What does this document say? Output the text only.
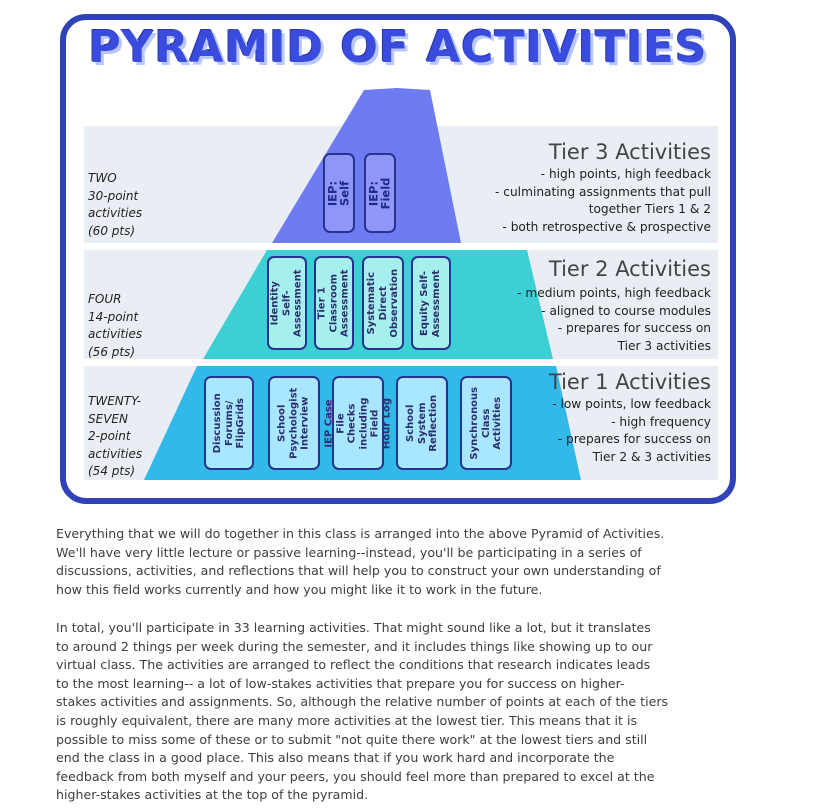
PYRAMID OF ACTIVITIES
TWO
30-point
activities
(60 pts)
Tier 3 Activities
- high points, high feedback
- culminating assignments that pull
together Tiers 1 & 2
- both retrospective & prospective
IEP: Self IEP: Field
FOUR
14-point
activities
(56 pts)
Tier 2 Activities
- medium points, high feedback
- aligned to course modules
- prepares for success on
Tier 3 activities
Identity Self-Assessment Tier 1 Classroom Assessment Systematic Direct Observation Equity Self-Assessment
TWENTY-
SEVEN
2-point
activities
(54 pts)
Tier 1 Activities
- low points, low feedback
- high frequency
- prepares for success on
Tier 2 & 3 activities
Discussion Forums/ FlipGrids	School Psychologist Interview IEP Case File Checks including Field Hour Log School System Reflection	Synchronous Class Activities
Everything that we will do together in this class is arranged into the above Pyramid of Activities.
We'll have very little lecture or passive learning--instead, you'll be participating in a series of
discussions, activities, and reflections that will help you to construct your own understanding of
how this field works currently and how you might like it to work in the future.
In total, you'll participate in 33 learning activities. That might sound like a lot, but it translates
to around 2 things per week during the semester, and it includes things like showing up to our
virtual class. The activities are arranged to reflect the conditions that research indicates leads
to the most learning-- a lot of low-stakes activities that prepare you for success on higher-
stakes activities and assignments. So, although the relative number of points at each of the tiers
is roughly equivalent, there are many more activities at the lowest tier. This means that it is
possible to miss some of these or to submit "not quite there work" at the lowest tiers and still
end the class in a good place. This also means that if you work hard and incorporate the
feedback from both myself and your peers, you should feel more than prepared to excel at the
higher-stakes activities at the top of the pyramid.
